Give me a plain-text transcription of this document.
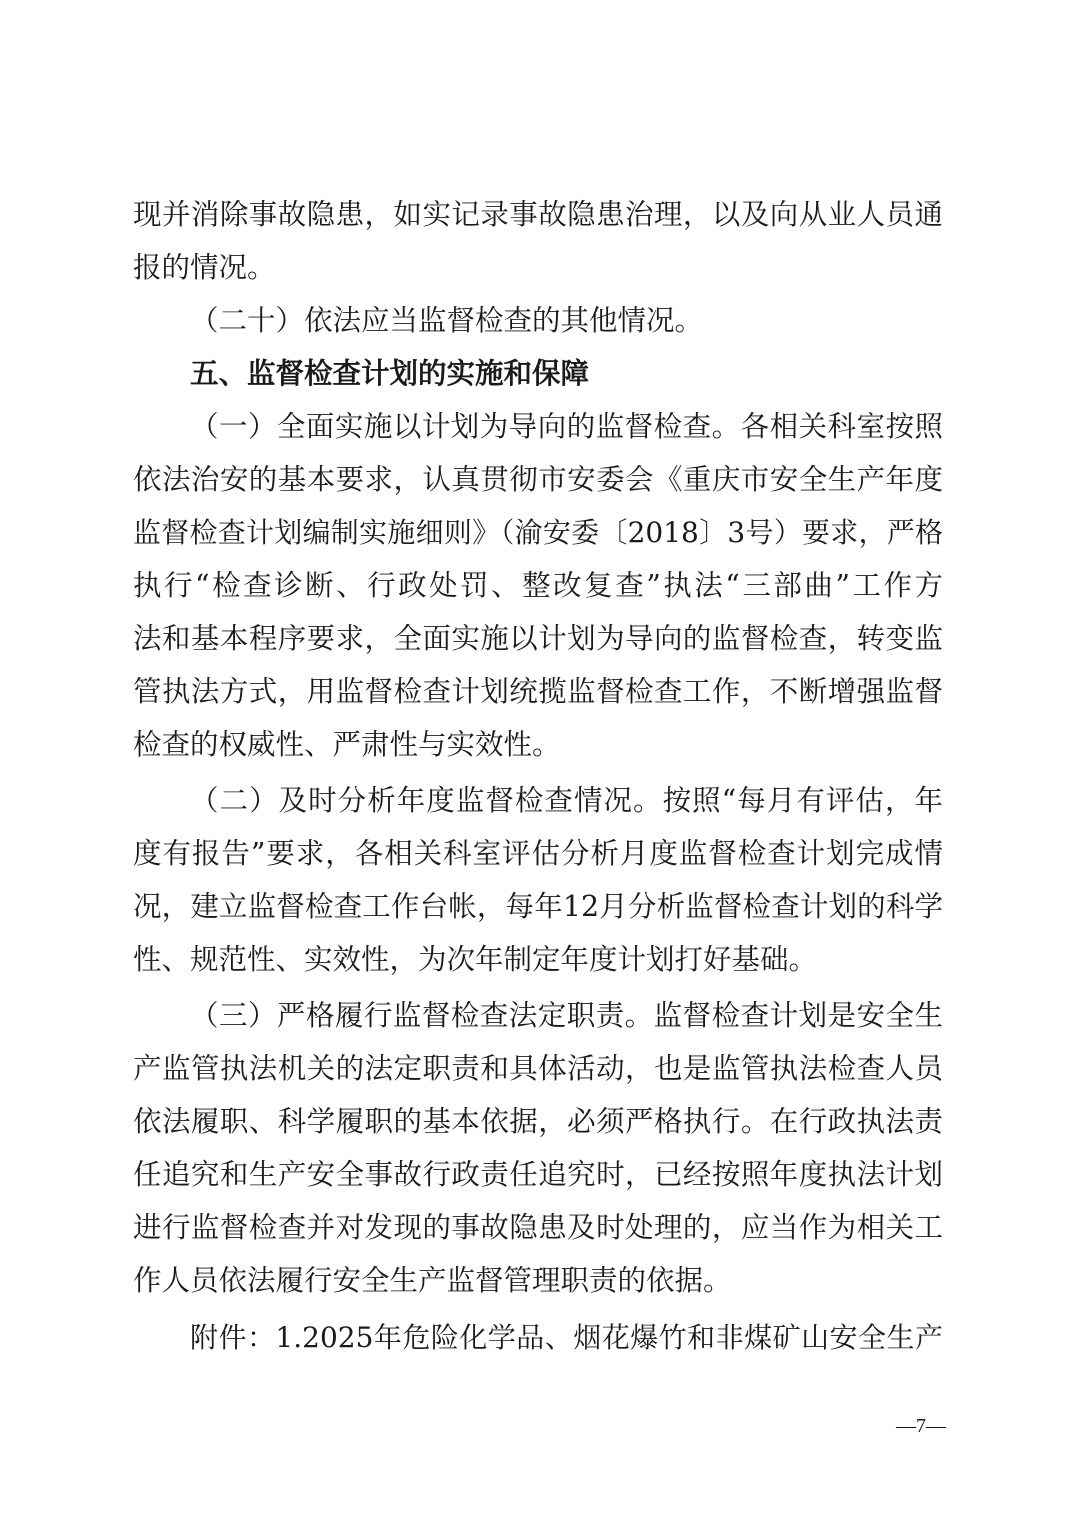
现并消除事故隐患，如实记录事故隐患治理，以及向从业人员通
报的情况。
（二十）依法应当监督检查的其他情况。
五、监督检查计划的实施和保障
（一）全面实施以计划为导向的监督检查。各相关科室按照
依法治安的基本要求，认真贯彻市安委会《重庆市安全生产年度
监督检查计划编制实施细则》（渝安委〔2018〕3号）要求，严格
执行“检查诊断、行政处罚、整改复查”执法“三部曲”工作方
法和基本程序要求，全面实施以计划为导向的监督检查，转变监
管执法方式，用监督检查计划统揽监督检查工作，不断增强监督
检查的权威性、严肃性与实效性。
（二）及时分析年度监督检查情况。按照“每月有评估，年
度有报告”要求，各相关科室评估分析月度监督检查计划完成情
况，建立监督检查工作台帐，每年12月分析监督检查计划的科学
性、规范性、实效性，为次年制定年度计划打好基础。
（三）严格履行监督检查法定职责。监督检查计划是安全生
产监管执法机关的法定职责和具体活动，也是监管执法检查人员
依法履职、科学履职的基本依据，必须严格执行。在行政执法责
任追究和生产安全事故行政责任追究时，已经按照年度执法计划
进行监督检查并对发现的事故隐患及时处理的，应当作为相关工
作人员依法履行安全生产监督管理职责的依据。
附件：1.2025年危险化学品、烟花爆竹和非煤矿山安全生产
—7—
